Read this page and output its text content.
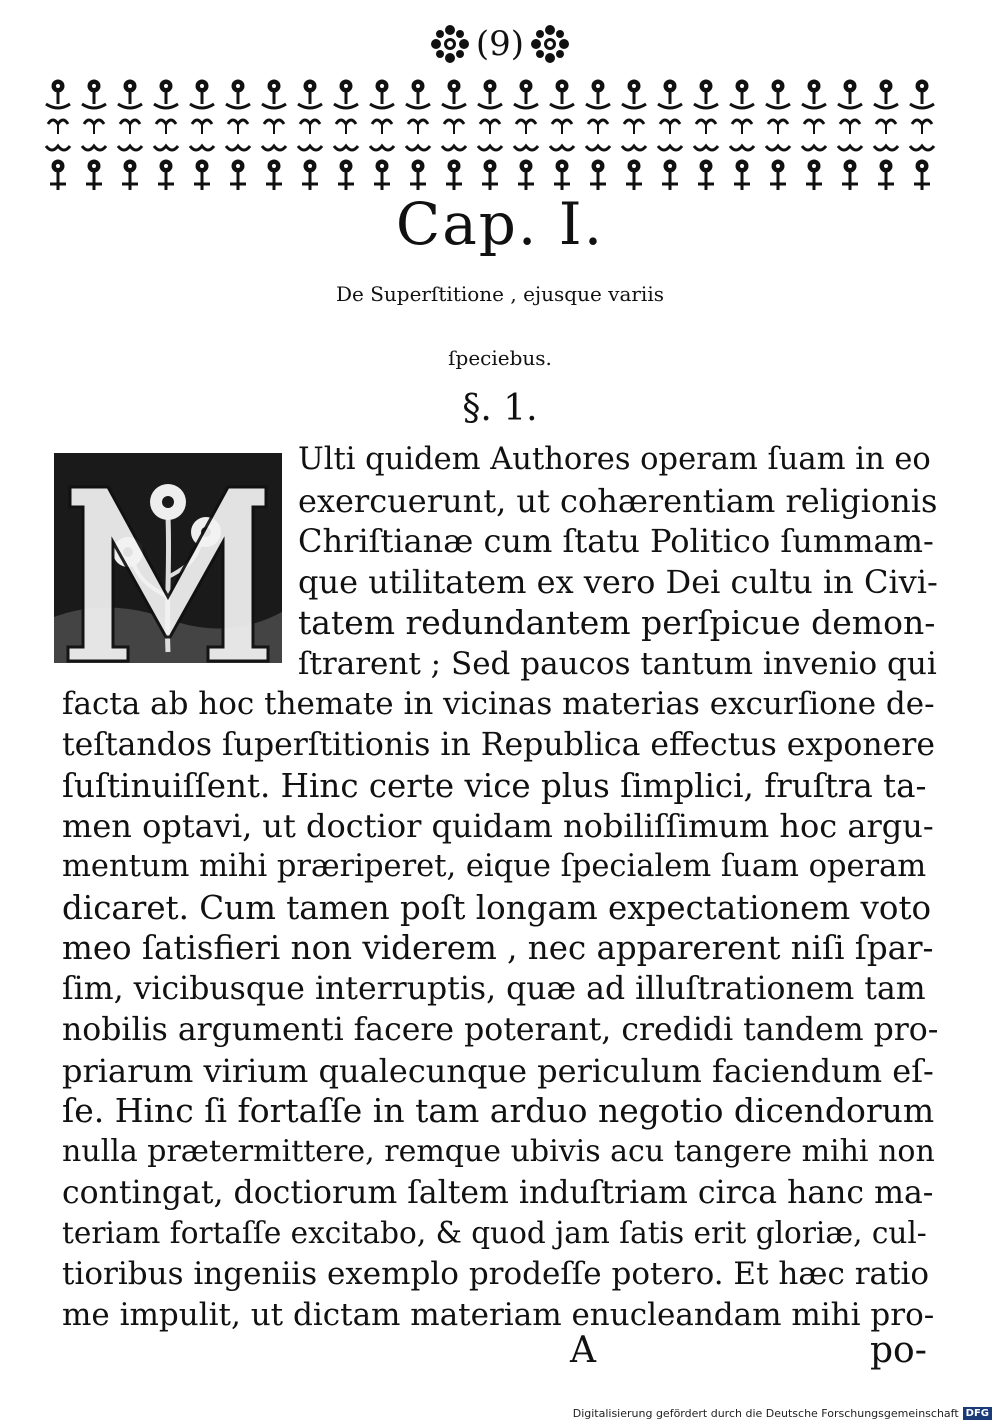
(9)
Cap. I.
De Superſtitione , ejusque variis
ſpeciebus.
§. 1.
Ulti quidem Authores operam ſuam in eo
exercuerunt, ut cohærentiam religionis
Chriſtianæ cum ſtatu Politico ſummam-
que utilitatem ex vero Dei cultu in Civi-
tatem redundantem perſpicue demon-
ſtrarent ; Sed paucos tantum invenio qui
facta ab hoc themate in vicinas materias excurſione de-
teſtandos ſuperſtitionis in Republica effectus exponere
ſuſtinuiſſent. Hinc certe vice plus ſimplici, fruſtra ta-
men optavi, ut doctior quidam nobiliſſimum hoc argu-
mentum mihi præriperet, eique ſpecialem ſuam operam
dicaret. Cum tamen poſt longam expectationem voto
meo ſatisfieri non viderem , nec apparerent niſi ſpar-
ſim, vicibusque interruptis, quæ ad illuſtrationem tam
nobilis argumenti facere poterant, credidi tandem pro-
priarum virium qualecunque periculum faciendum eſ-
ſe. Hinc ſi fortaſſe in tam arduo negotio dicendorum
nulla prætermittere, remque ubivis acu tangere mihi non
contingat, doctiorum ſaltem induſtriam circa hanc ma-
teriam fortaſſe excitabo, & quod jam ſatis erit gloriæ, cul-
tioribus ingeniis exemplo prodeſſe potero. Et hæc ratio
me impulit, ut dictam materiam enucleandam mihi pro-
A	po-
Digitalisierung gefördert durch die Deutsche Forschungsgemeinschaft DFG
